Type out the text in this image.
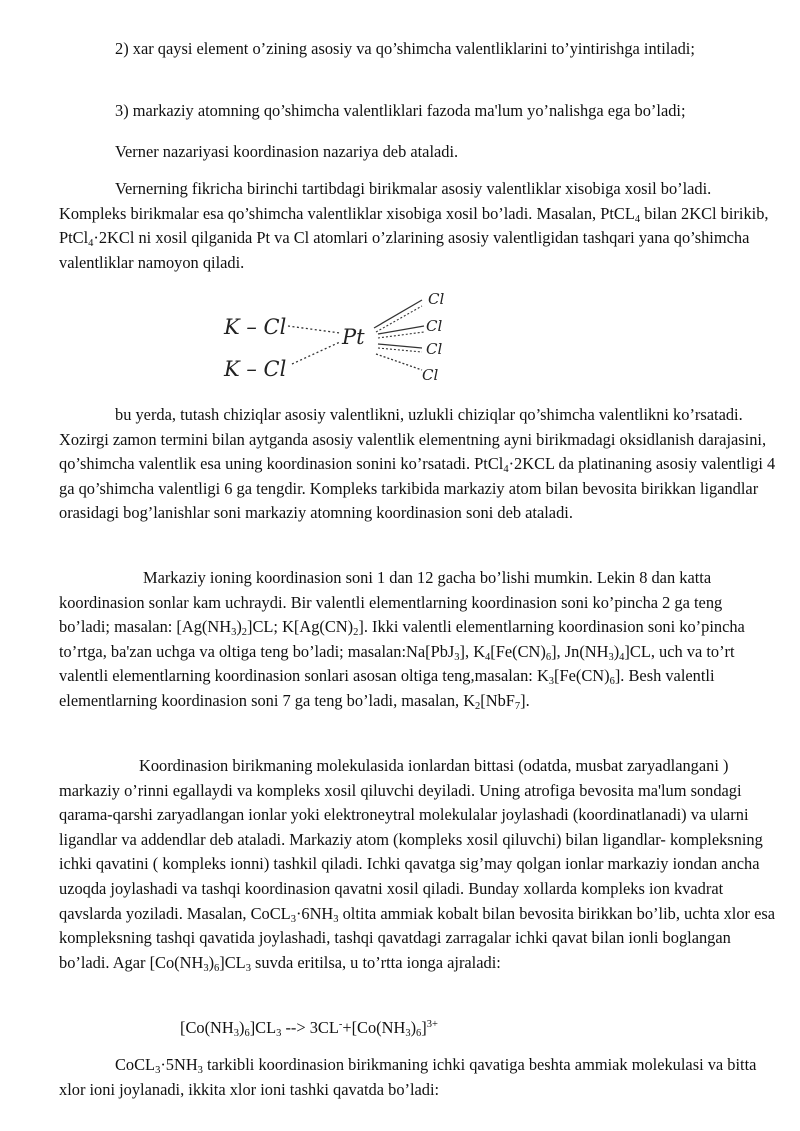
2) xar qaysi element o’zining asosiy va qo’shimcha valentliklarini to’yintirishga intiladi;

3) markaziy atomning qo’shimcha valentliklari fazoda ma'lum yo’nalishga ega bo’ladi;

Verner nazariyasi koordinasion nazariya deb ataladi.

Vernerning fikricha birinchi tartibdagi birikmalar asosiy valentliklar xisobiga xosil bo’ladi. Kompleks birikmalar esa qo’shimcha valentliklar xisobiga xosil bo’ladi. Masalan, PtCL$_4$ bilan 2KCl birikib, PtCl$_4$·2KCl ni xosil qilganida Pt va Cl atomlari o’zlarining asosiy valentligidan tashqari yana qo’shimcha valentliklar namoyon qiladi.

K – Cl
K – Cl
Pt
Cl
Cl
Cl
Cl

bu yerda, tutash chiziqlar asosiy valentlikni, uzlukli chiziqlar qo’shimcha valentlikni ko’rsatadi. Xozirgi zamon termini bilan aytganda asosiy valentlik elementning ayni birikmadagi oksidlanish darajasini, qo’shimcha valentlik esa uning koordinasion sonini ko’rsatadi. PtCl$_4$·2KCL da platinaning asosiy valentligi 4 ga qo’shimcha valentligi 6 ga tengdir. Kompleks tarkibida markaziy atom bilan bevosita birikkan ligandlar orasidagi bog’lanishlar soni markaziy atomning koordinasion soni deb ataladi.

Markaziy ioning koordinasion soni 1 dan 12 gacha bo’lishi mumkin. Lekin 8 dan katta koordinasion sonlar kam uchraydi. Bir valentli elementlarning koordinasion soni ko’pincha 2 ga teng bo’ladi; masalan: $[Ag(NH_3)_2]CL$; $K[Ag(CN)_2]$. Ikki valentli elementlarning koordinasion soni ko’pincha to’rtga, ba'zan uchga va oltiga teng bo’ladi; masalan:Na[PbJ$_3$], $K_4[Fe(CN)_6]$, $Jn(NH_3)_4]CL$, uch va to’rt valentli elementlarning koordinasion sonlari asosan oltiga teng,masalan: $K_3[Fe(CN)_6]$. Besh valentli elementlarning koordinasion soni 7 ga teng bo’ladi, masalan, $K_2[NbF_7]$.

Koordinasion birikmaning molekulasida ionlardan bittasi (odatda, musbat zaryadlangani ) markaziy o’rinni egallaydi va kompleks xosil qiluvchi deyiladi. Uning atrofiga bevosita ma'lum sondagi qarama-qarshi zaryadlangan ionlar yoki elektroneytral molekulalar joylashadi (koordinatlanadi) va ularni ligandlar va addendlar deb ataladi. Markaziy atom (kompleks xosil qiluvchi) bilan ligandlar- kompleksning ichki qavatini ( kompleks ionni) tashkil qiladi. Ichki qavatga sig’may qolgan ionlar markaziy iondan ancha uzoqda joylashadi va tashqi koordinasion qavatni xosil qiladi. Bunday xollarda kompleks ion kvadrat qavslarda yoziladi. Masalan, $CoCL_3\cdot 6NH_3$ oltita ammiak kobalt bilan bevosita birikkan bo’lib, uchta xlor esa kompleksning tashqi qavatida joylashadi, tashqi qavatdagi zarragalar ichki qavat bilan ionli boglangan bo’ladi. Agar $[Co(NH_3)_6]CL_3$ suvda eritilsa, u to’rtta ionga ajraladi:

$[Co(NH_3)_6]CL_3$ --> $3CL^-+[Co(NH_3)_6]^{3+}$

$CoCL_3\cdot 5NH_3$ tarkibli koordinasion birikmaning ichki qavatiga beshta ammiak molekulasi va bitta xlor ioni joylanadi, ikkita xlor ioni tashki qavatda bo’ladi:
